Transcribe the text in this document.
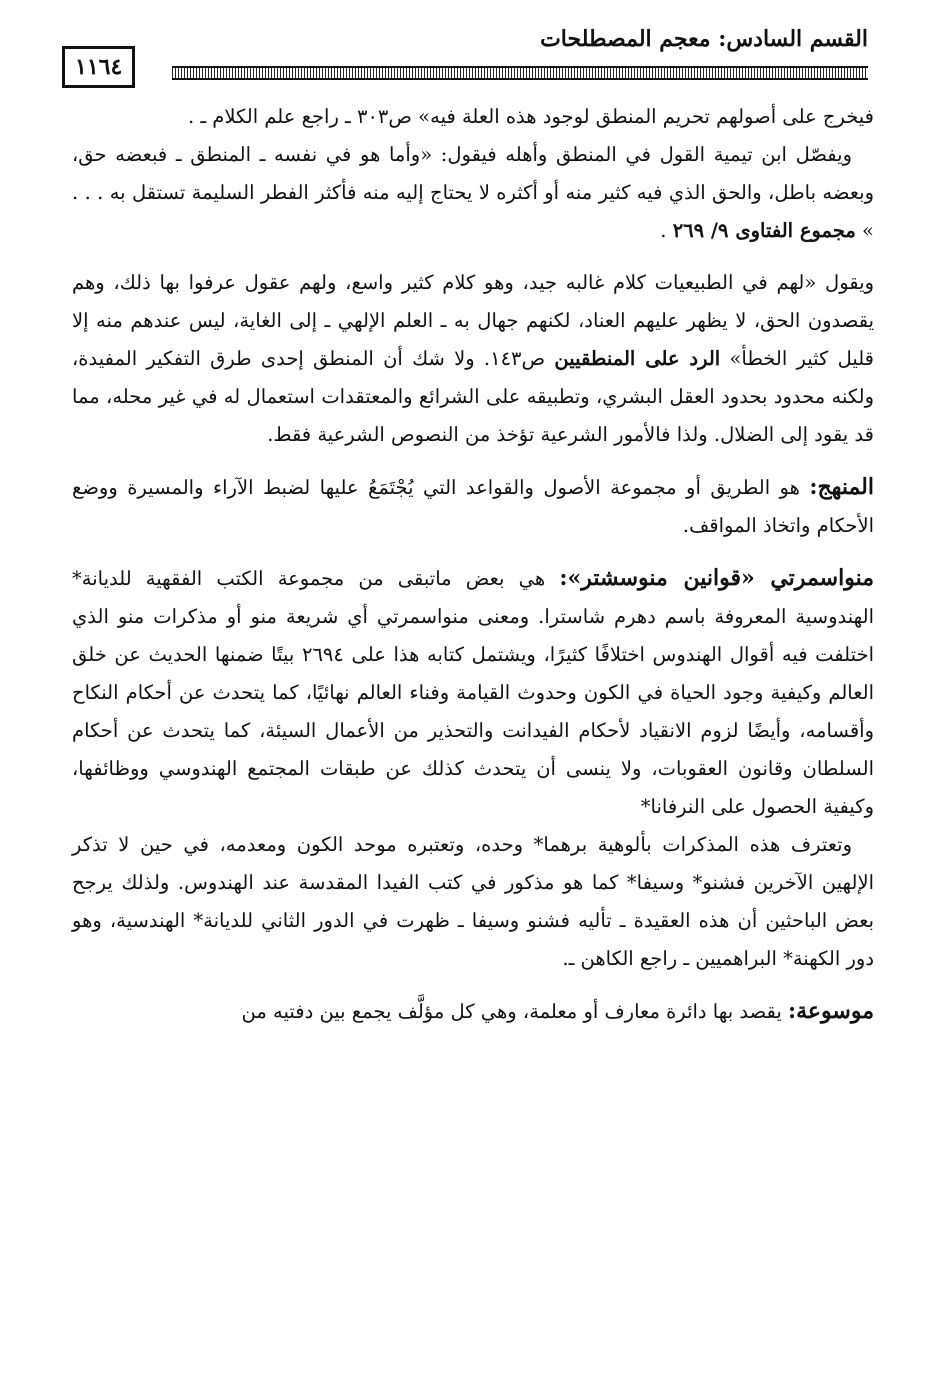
القسم السادس: معجم المصطلحات
١١٦٤

فيخرج على أصولهم تحريم المنطق لوجود هذه العلة فيه» ص٣٠٣ ـ راجع علم الكلام ـ .

ويفصّل ابن تيمية القول في المنطق وأهله فيقول: «وأما هو في نفسه ـ المنطق ـ فبعضه حق، وبعضه باطل، والحق الذي فيه كثير منه أو أكثره لا يحتاج إليه منه فأكثر الفطر السليمة تستقل به . . . » مجموع الفتاوى ٩/ ٢٦٩ .

ويقول «لهم في الطبيعيات كلام غالبه جيد، وهو كلام كثير واسع، ولهم عقول عرفوا بها ذلك، وهم يقصدون الحق، لا يظهر عليهم العناد، لكنهم جهال به ـ العلم الإلهي ـ إلى الغاية، ليس عندهم منه إلا قليل كثير الخطأ» الرد على المنطقيين ص١٤٣. ولا شك أن المنطق إحدى طرق التفكير المفيدة، ولكنه محدود بحدود العقل البشري، وتطبيقه على الشرائع والمعتقدات استعمال له في غير محله، مما قد يقود إلى الضلال. ولذا فالأمور الشرعية تؤخذ من النصوص الشرعية فقط.

المنهج: هو الطريق أو مجموعة الأصول والقواعد التي يُجْتَمَعُ عليها لضبط الآراء والمسيرة ووضع الأحكام واتخاذ المواقف.

منواسمرتي «قوانين منوسشتر»: هي بعض ماتبقى من مجموعة الكتب الفقهية للديانة* الهندوسية المعروفة باسم دهرم شاسترا. ومعنى منواسمرتي أي شريعة منو أو مذكرات منو الذي اختلفت فيه أقوال الهندوس اختلافًا كثيرًا، ويشتمل كتابه هذا على ٢٦٩٤ بيتًا ضمنها الحديث عن خلق العالم وكيفية وجود الحياة في الكون وحدوث القيامة وفناء العالم نهائيًا، كما يتحدث عن أحكام النكاح وأقسامه، وأيضًا لزوم الانقياد لأحكام الفيدانت والتحذير من الأعمال السيئة، كما يتحدث عن أحكام السلطان وقانون العقوبات، ولا ينسى أن يتحدث كذلك عن طبقات المجتمع الهندوسي ووظائفها، وكيفية الحصول على النرفانا*

وتعترف هذه المذكرات بألوهية برهما* وحده، وتعتبره موحد الكون ومعدمه، في حين لا تذكر الإلهين الآخرين فشنو* وسيفا* كما هو مذكور في كتب الفيدا المقدسة عند الهندوس. ولذلك يرجح بعض الباحثين أن هذه العقيدة ـ تأليه فشنو وسيفا ـ ظهرت في الدور الثاني للديانة* الهندسية، وهو دور الكهنة* البراهميين ـ راجع الكاهن ـ.

موسوعة: يقصد بها دائرة معارف أو معلمة، وهي كل مؤلَّف يجمع بين دفتيه من
